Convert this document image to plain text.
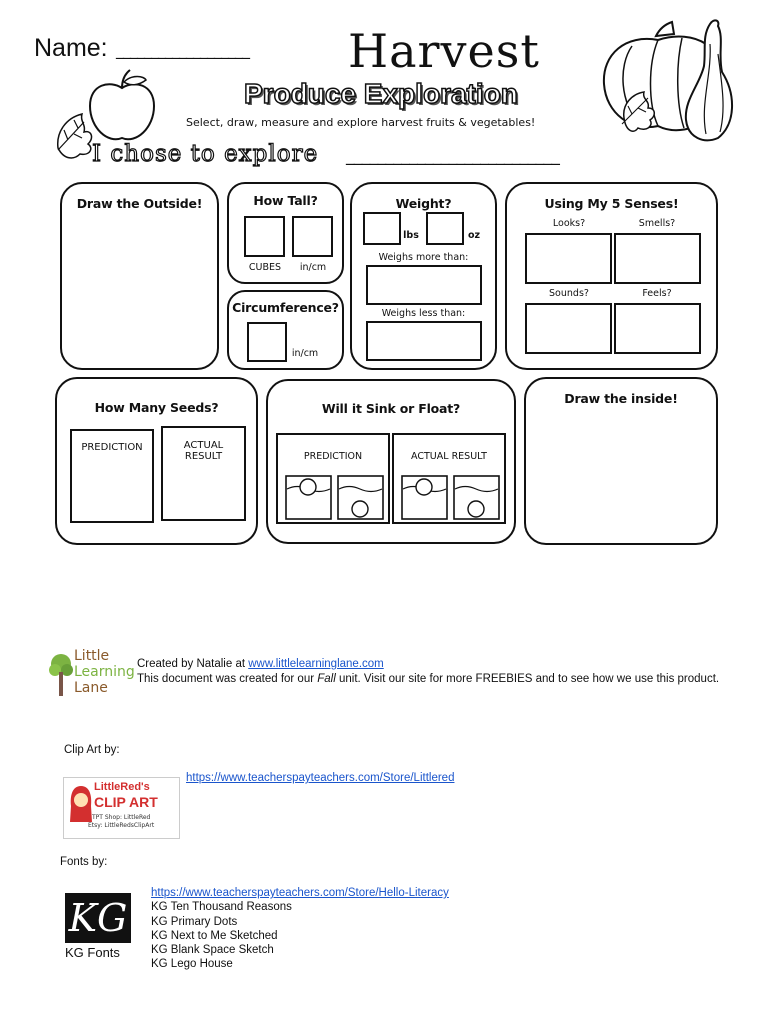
Name: ___________________ Harvest
Produce Exploration
Select, draw, measure and explore harvest fruits & vegetables!
I chose to explore ___________________________
Draw the Outside!	How Tall?
CUBES	in/cm
Circumference?
in/cm
Weight?
lbs	oz
Weighs more than:
Weighs less than:
Using My 5 Senses!
Looks?	Smells?
Sounds?	Feels?
How Many Seeds?
PREDICTION	ACTUAL RESULT
Will it Sink or Float?
PREDICTION	ACTUAL RESULT
Draw the inside!
Little
Learning
Lane
Created by Natalie at www.littlelearninglane.com
This document was created for our Fall unit. Visit our site for more FREEBIES and to see how we use this product.
Clip Art by:
LittleRed's
CLIP ART
TPT Shop: LittleRed
Etsy: LittleRedsClipArt
https://www.teacherspayteachers.com/Store/Littlered
Fonts by:
KG
KG Fonts
https://www.teacherspayteachers.com/Store/Hello-Literacy
KG Ten Thousand Reasons
KG Primary Dots
KG Next to Me Sketched
KG Blank Space Sketch
KG Lego House
